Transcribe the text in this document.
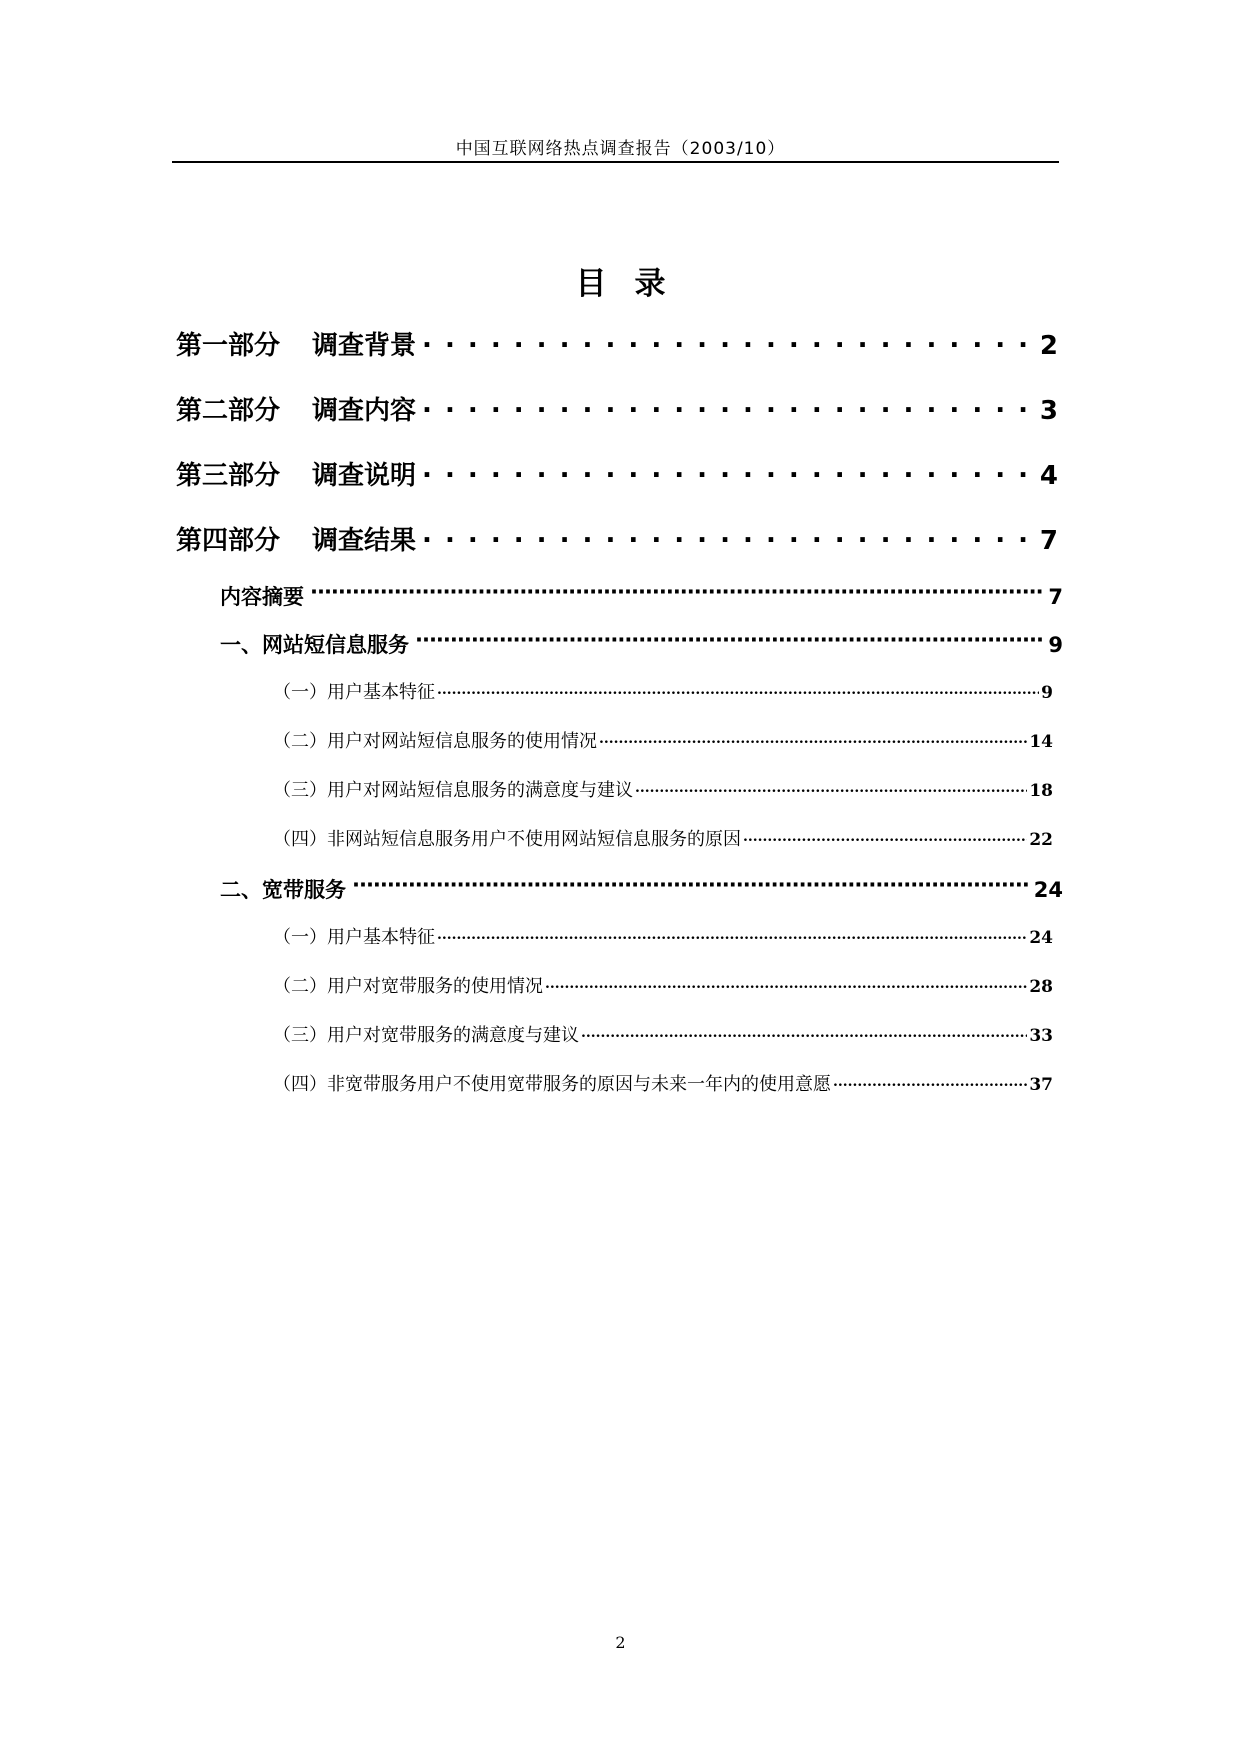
中国互联网络热点调查报告（2003/10）
目录
第一部分 调查背景 . . .	2
第二部分 调查内容 . . .	3
第三部分 调查说明 . . .	4
第四部分 调查结果 . . .	7
内容摘要 ·····	7
一、网站短信息服务 ·····	9
（一）用户基本特征 .....	9
（二）用户对网站短信息服务的使用情况 .....	14
（三）用户对网站短信息服务的满意度与建议 .....	18
（四）非网站短信息服务用户不使用网站短信息服务的原因 .....	22
二、宽带服务 ·····	24
（一）用户基本特征 .....	24
（二）用户对宽带服务的使用情况 .....	28
（三）用户对宽带服务的满意度与建议 .....	33
（四）非宽带服务用户不使用宽带服务的原因与未来一年内的使用意愿 .....	37
2
